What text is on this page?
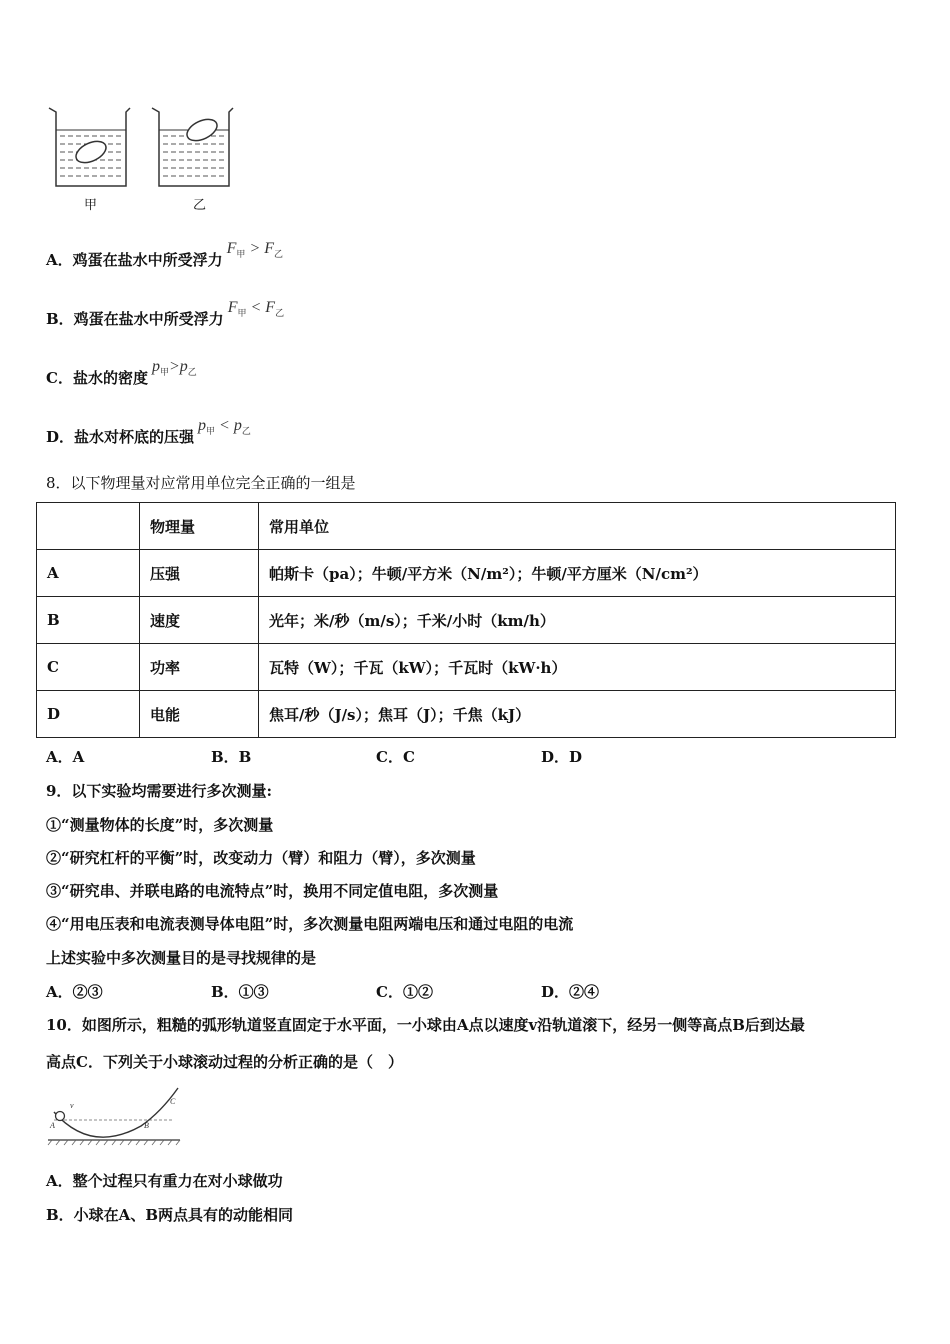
甲	乙
A．鸡蛋在盐水中所受浮力$F_甲 > F_乙$
B．鸡蛋在盐水中所受浮力$F_甲 < F_乙$
C．盐水的密度$p_甲>p_乙$
D．盐水对杯底的压强$p_甲 < p_乙$
8．以下物理量对应常用单位完全正确的一组是
	物理量	常用单位
A	压强	帕斯卡（pa）；牛顿/平方米（N/m²）；牛顿/平方厘米（N/cm²）
B	速度	光年；米/秒（m/s）；千米/小时（km/h）
C	功率	瓦特（W）；千瓦（kW）；千瓦时（kW·h）
D	电能	焦耳/秒（J/s）；焦耳（J）；千焦（kJ）
A．A	B．B	C．C	D．D
9．以下实验均需要进行多次测量:
①“测量物体的长度”时，多次测量
②“研究杠杆的平衡”时，改变动力（臂）和阻力（臂），多次测量
③“研究串、并联电路的电流特点”时，换用不同定值电阻，多次测量
④“用电压表和电流表测导体电阻”时，多次测量电阻两端电压和通过电阻的电流
上述实验中多次测量目的是寻找规律的是
A．②③	B．①③	C．①②	D．②④
10．如图所示，粗糙的弧形轨道竖直固定于水平面，一小球由A点以速度v沿轨道滚下，经另一侧等高点B后到达最
高点C．下列关于小球滚动过程的分析正确的是（　）
A
v
B
C
A．整个过程只有重力在对小球做功
B．小球在A、B两点具有的动能相同
